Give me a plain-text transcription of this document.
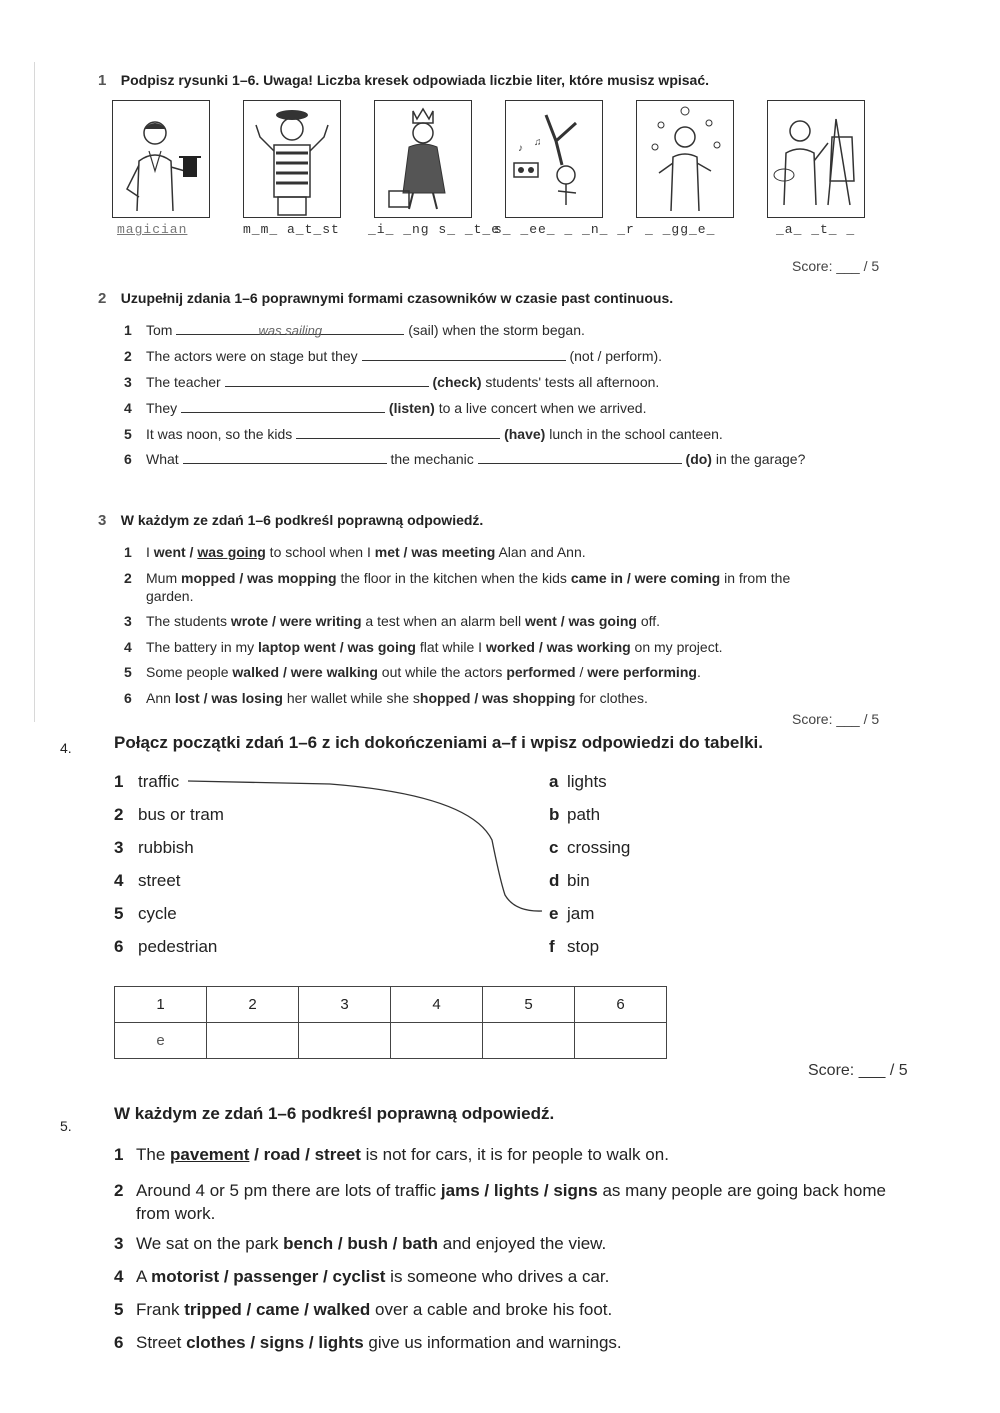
1 Podpisz rysunki 1–6. Uwaga! Liczba kresek odpowiada liczbie liter, które musisz wpisać.
♪
♫
magician	m_m_ a_t_st _i_ _ng s_ _t_e
s_ _ee_ _ _n_ _r _ _gg_e_	_a_ _t_ _
Score: ___ / 5
2 Uzupełnij zdania 1–6 poprawnymi formami czasowników w czasie past continuous.
1 Tom	was sailing	(sail) when the storm began.
2 The actors were on stage but they	(not / perform).
3 The teacher	(check) students' tests all afternoon.
4 They	(listen) to a live concert when we arrived.
5 It was noon, so the kids	(have) lunch in the school canteen.
6 What	the mechanic	(do) in the garage?
3 W każdym ze zdań 1–6 podkreśl poprawną odpowiedź.
1 I went / was going to school when I met / was meeting Alan and Ann.
2 Mum mopped / was mopping the floor in the kitchen when the kids came in / were coming in from the
garden.
3 The students wrote / were writing a test when an alarm bell went / was going off.
4 The battery in my laptop went / was going flat while I worked / was working on my project.
5 Some people walked / were walking out while the actors performed / were performing.
6 Ann lost / was losing her wallet while she shopped / was shopping for clothes.
Score: ___ / 5
4. Połącz początki zdań 1–6 z ich dokończeniami a–f i wpisz odpowiedzi do tabelki.
1 traffic
2 bus or tram
3 rubbish
4 street
5 cycle
6 pedestrian
a lights
b path
c crossing
d bin
e jam
f stop
1	2	3	4	5	6
e					
Score: ___ / 5
5.
W każdym ze zdań 1–6 podkreśl poprawną odpowiedź.
1 The pavement / road / street is not for cars, it is for people to walk on.
2 Around 4 or 5 pm there are lots of traffic jams / lights / signs as many people are going back home
from work.
3 We sat on the park bench / bush / bath and enjoyed the view.
4 A motorist / passenger / cyclist is someone who drives a car.
5 Frank tripped / came / walked over a cable and broke his foot.
6 Street clothes / signs / lights give us information and warnings.
